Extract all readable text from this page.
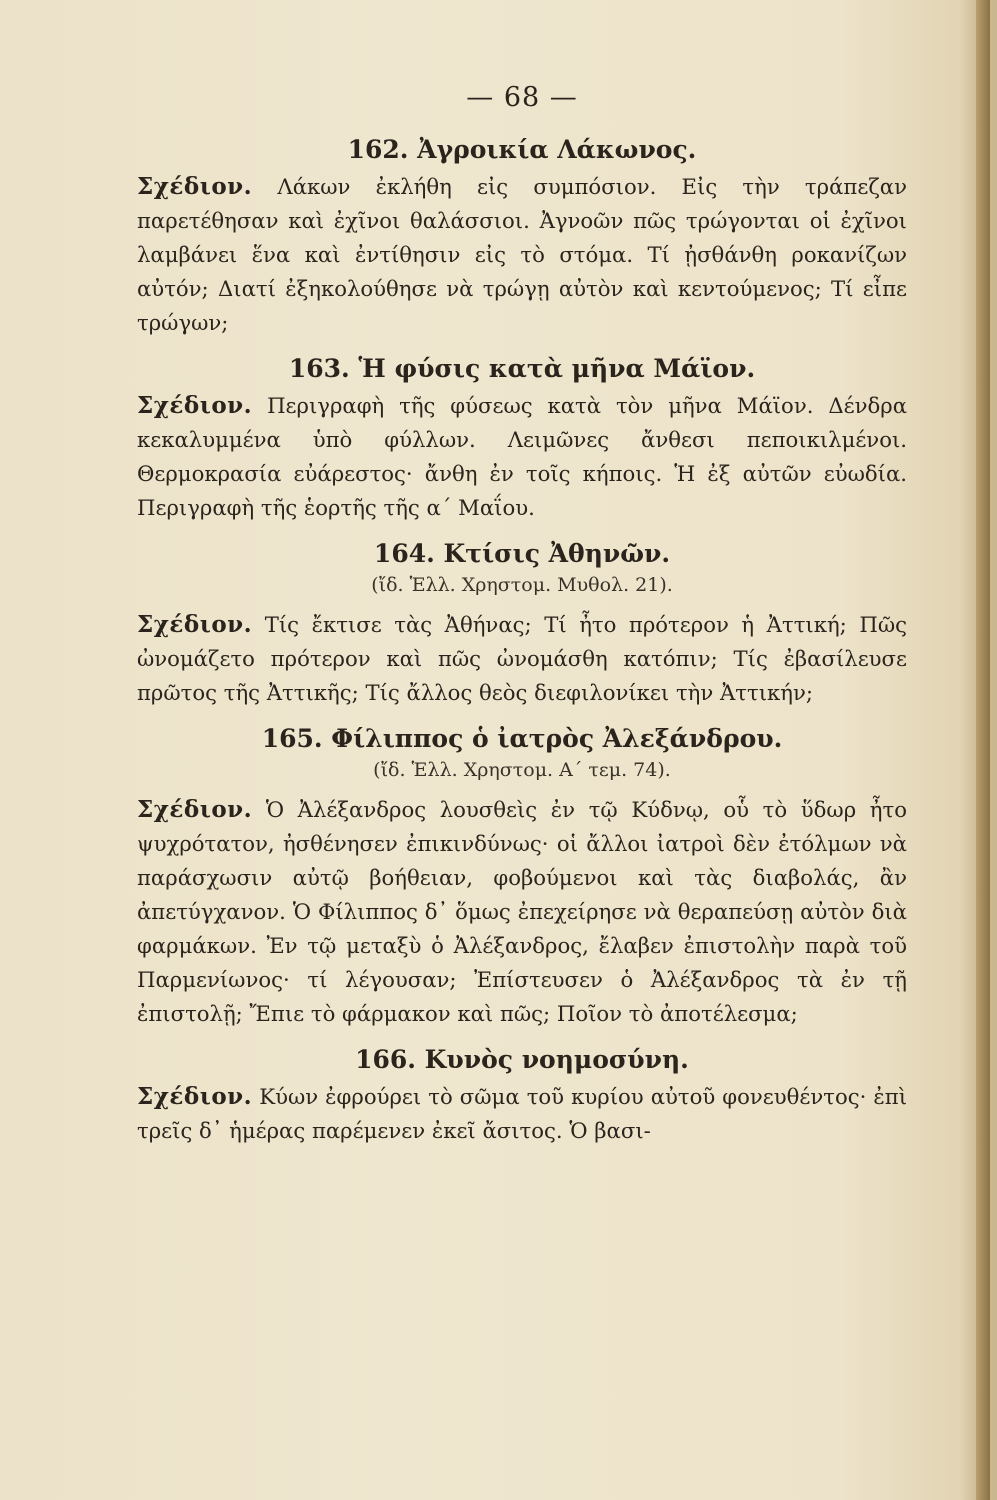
— 68 —
162. Ἀγροικία Λάκωνος.

Σχέδιον. Λάκων ἐκλήθη εἰς συμπόσιον. Εἰς τὴν τράπεζαν παρετέθησαν καὶ ἐχῖνοι θαλάσσιοι. Ἀγνοῶν πῶς τρώγονται οἱ ἐχῖνοι λαμβάνει ἕνα καὶ ἐντίθησιν εἰς τὸ στόμα. Τί ᾐσθάνθη ροκανίζων αὐτόν; Διατί ἐξηκολούθησε νὰ τρώγῃ αὐτὸν καὶ κεντούμενος; Τί εἶπε τρώγων;

163. Ἡ φύσις κατὰ μῆνα Μάϊον.

Σχέδιον. Περιγραφὴ τῆς φύσεως κατὰ τὸν μῆνα Μάϊον. Δένδρα κεκαλυμμένα ὑπὸ φύλλων. Λειμῶνες ἄνθεσι πεποικιλμένοι. Θερμοκρασία εὐάρεστος· ἄνθη ἐν τοῖς κήποις. Ἡ ἐξ αὐτῶν εὐωδία. Περιγραφὴ τῆς ἑορτῆς τῆς α΄ Μαΐου.

164. Κτίσις Ἀθηνῶν.
(ἴδ. Ἑλλ. Χρηστομ. Μυθολ. 21).

Σχέδιον. Τίς ἔκτισε τὰς Ἀθήνας; Τί ἦτο πρότερον ἡ Ἀττική; Πῶς ὠνομάζετο πρότερον καὶ πῶς ὠνομάσθη κατόπιν; Τίς ἐβασίλευσε πρῶτος τῆς Ἀττικῆς; Τίς ἄλλος θεὸς διεφιλονίκει τὴν Ἀττικήν;

165. Φίλιππος ὁ ἰατρὸς Ἀλεξάνδρου.
(ἴδ. Ἑλλ. Χρηστομ. Α΄ τεμ. 74).

Σχέδιον. Ὁ Ἀλέξανδρος λουσθεὶς ἐν τῷ Κύδνῳ, οὗ τὸ ὕδωρ ἦτο ψυχρότατον, ἠσθένησεν ἐπικινδύνως· οἱ ἄλλοι ἰατροὶ δὲν ἐτόλμων νὰ παράσχωσιν αὐτῷ βοήθειαν, φοβούμενοι καὶ τὰς διαβολάς, ἂν ἀπετύγχανον. Ὁ Φίλιππος δ᾽ ὅμως ἐπεχείρησε νὰ θεραπεύσῃ αὐτὸν διὰ φαρμάκων. Ἐν τῷ μεταξὺ ὁ Ἀλέξανδρος, ἔλαβεν ἐπιστολὴν παρὰ τοῦ Παρμενίωνος· τί λέγουσαν; Ἐπίστευσεν ὁ Ἀλέξανδρος τὰ ἐν τῇ ἐπιστολῇ; Ἔπιε τὸ φάρμακον καὶ πῶς; Ποῖον τὸ ἀποτέλεσμα;

166. Κυνὸς νοημοσύνη.

Σχέδιον. Κύων ἐφρούρει τὸ σῶμα τοῦ κυρίου αὐτοῦ φονευθέντος· ἐπὶ τρεῖς δ᾽ ἡμέρας παρέμενεν ἐκεῖ ἄσιτος. Ὁ βασι-
